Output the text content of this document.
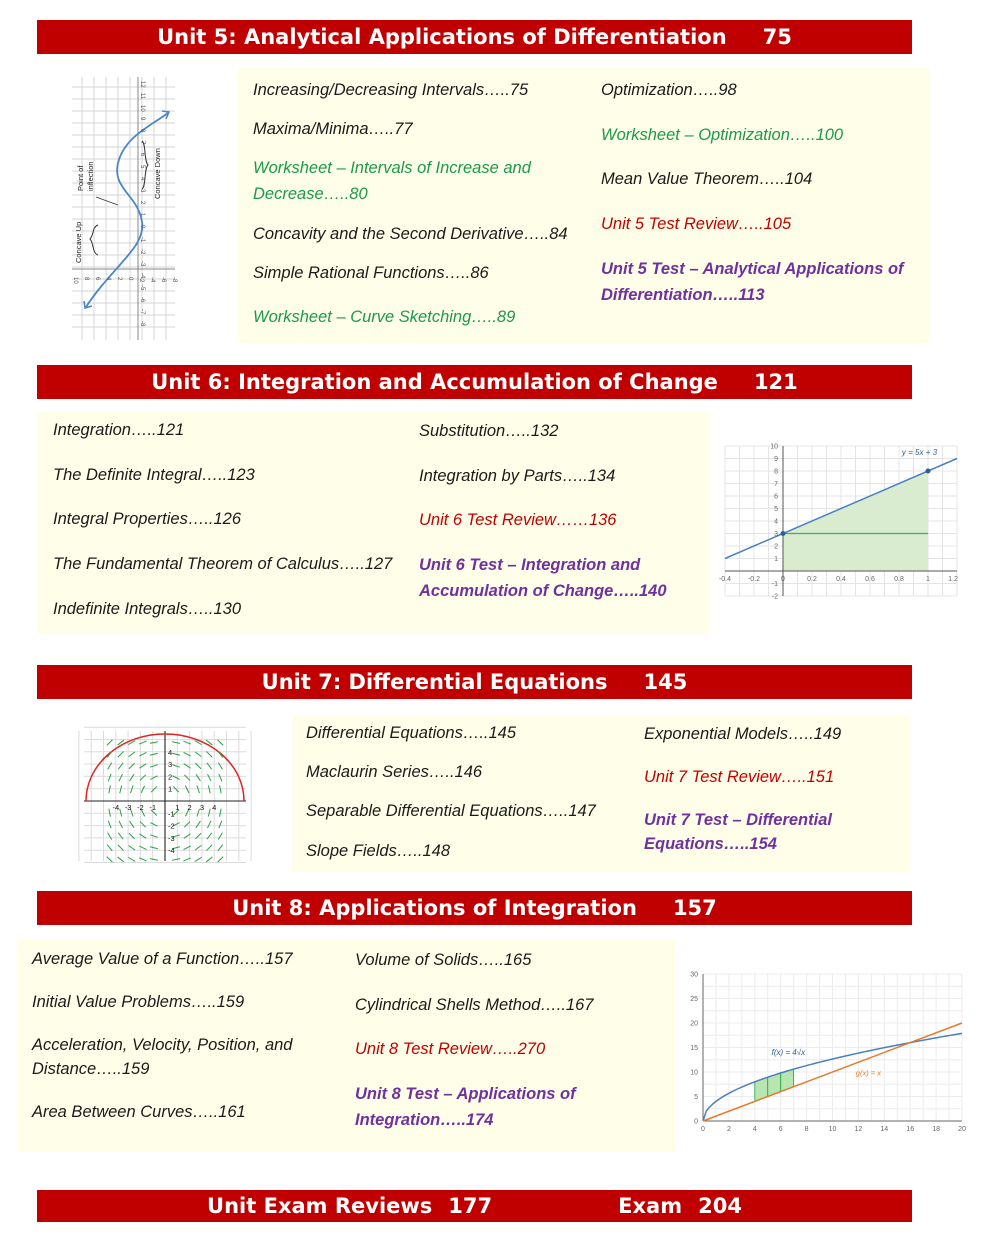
Unit 5: Analytical Applications of Differentiation 75
Concave Up
Point of inflection	Concave Down
12
11
10
9
8
7
6
5
4
3
2
1
0
-1
-2
-3
-4
-5
-6
-7
-8
10 8 6 4 2 0 -2 -4 -6 -8
Increasing/Decreasing Intervals…..75
Maxima/Minima…..77
Worksheet – Intervals of Increase and
Decrease…..80
Concavity and the Second Derivative…..84
Simple Rational Functions…..86
Worksheet – Curve Sketching…..89
Optimization…..98
Worksheet – Optimization…..100
Mean Value Theorem…..104
Unit 5 Test Review…..105
Unit 5 Test – Analytical Applications of
Differentiation…..113
Unit 6: Integration and Accumulation of Change 121
Integration…..121
The Definite Integral…..123
Integral Properties…..126
The Fundamental Theorem of Calculus…..127
Indefinite Integrals…..130
Substitution…..132
Integration by Parts…..134
Unit 6 Test Review……136
Unit 6 Test – Integration and
Accumulation of Change…..140
-0.4 -0.2	0	0.2	0.4	0.6	0.8	1	1.2
10
9
8
7
6
5
4
3
2
1
-1
-2
y = 5x + 3
Unit 7: Differential Equations 145
-4 -3 -2 -1	1 2 3 4
4
3
2
1
-1
-2
-3
-4
Differential Equations…..145
Maclaurin Series…..146
Separable Differential Equations…..147
Slope Fields…..148
Exponential Models…..149
Unit 7 Test Review…..151
Unit 7 Test – Differential
Equations…..154
Unit 8: Applications of Integration 157
Average Value of a Function…..157
Initial Value Problems…..159
Acceleration, Velocity, Position, and
Distance…..159
Area Between Curves…..161
Volume of Solids…..165
Cylindrical Shells Method…..167
Unit 8 Test Review…..270
Unit 8 Test – Applications of
Integration…..174
0	2	4	6	8	10	12	14	16	18	20
30
25
20
15
10
5
0
f(x) = 4√x
g(x) = x
Unit Exam Reviews 177	Exam 204
